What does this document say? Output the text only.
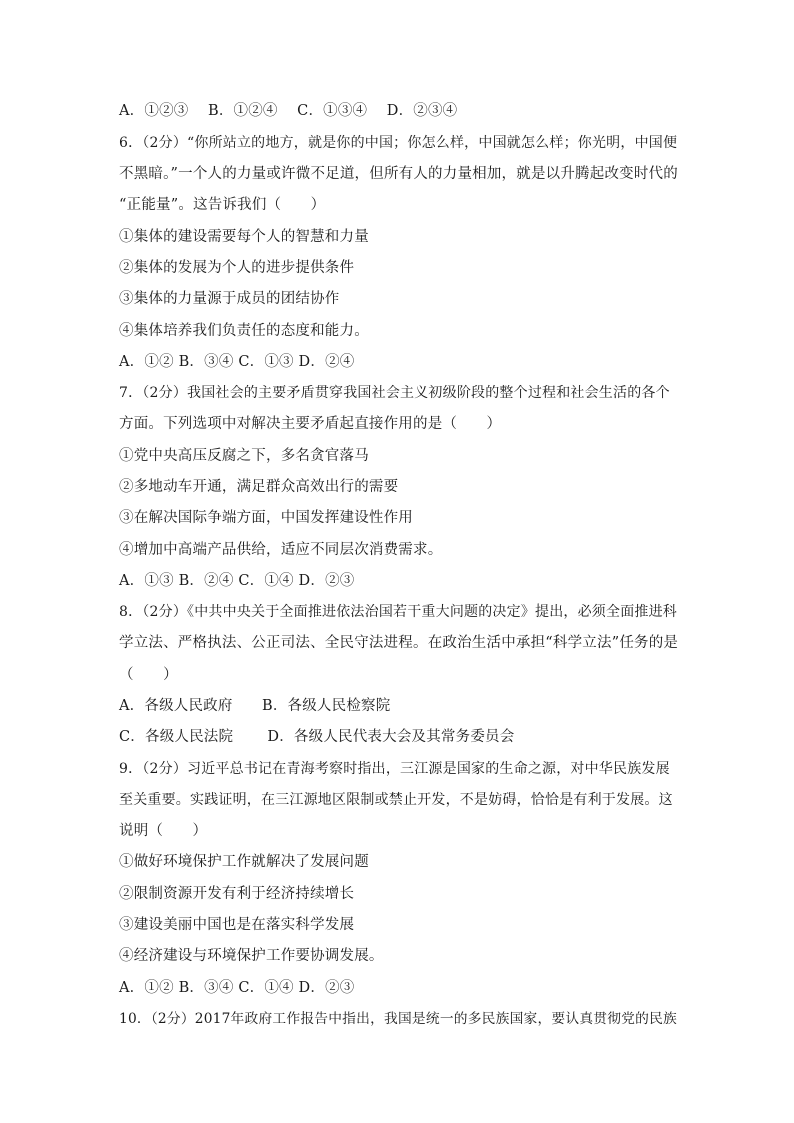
A．①②③　 B．①②④　 C．①③④　 D．②③④
6．（2分）“你所站立的地方，就是你的中国；你怎么样，中国就怎么样；你光明，中国便
不黑暗。”一个人的力量或许微不足道，但所有人的力量相加，就是以升腾起改变时代的
“正能量”。这告诉我们（　　）
①集体的建设需要每个人的智慧和力量
②集体的发展为个人的进步提供条件
③集体的力量源于成员的团结协作
④集体培养我们负责任的态度和能力。
A．①② B．③④ C．①③ D．②④
7．（2分）我国社会的主要矛盾贯穿我国社会主义初级阶段的整个过程和社会生活的各个
方面。下列选项中对解决主要矛盾起直接作用的是（　　）
①党中央高压反腐之下，多名贪官落马
②多地动车开通，满足群众高效出行的需要
③在解决国际争端方面，中国发挥建设性作用
④增加中高端产品供给，适应不同层次消费需求。
A．①③ B．②④ C．①④ D．②③
8．（2分）《中共中央关于全面推进依法治国若干重大问题的决定》提出，必须全面推进科
学立法、严格执法、公正司法、全民守法进程。在政治生活中承担“科学立法”任务的是
（　　）
A．各级人民政府　　B．各级人民检察院
C．各级人民法院　　 D．各级人民代表大会及其常务委员会
9．（2分）习近平总书记在青海考察时指出，三江源是国家的生命之源，对中华民族发展
至关重要。实践证明，在三江源地区限制或禁止开发，不是妨碍，恰恰是有利于发展。这
说明（　　）
①做好环境保护工作就解决了发展问题
②限制资源开发有利于经济持续增长
③建设美丽中国也是在落实科学发展
④经济建设与环境保护工作要协调发展。
A．①② B．③④ C．①④ D．②③
10．（2分）2017年政府工作报告中指出，我国是统一的多民族国家，要认真贯彻党的民族
